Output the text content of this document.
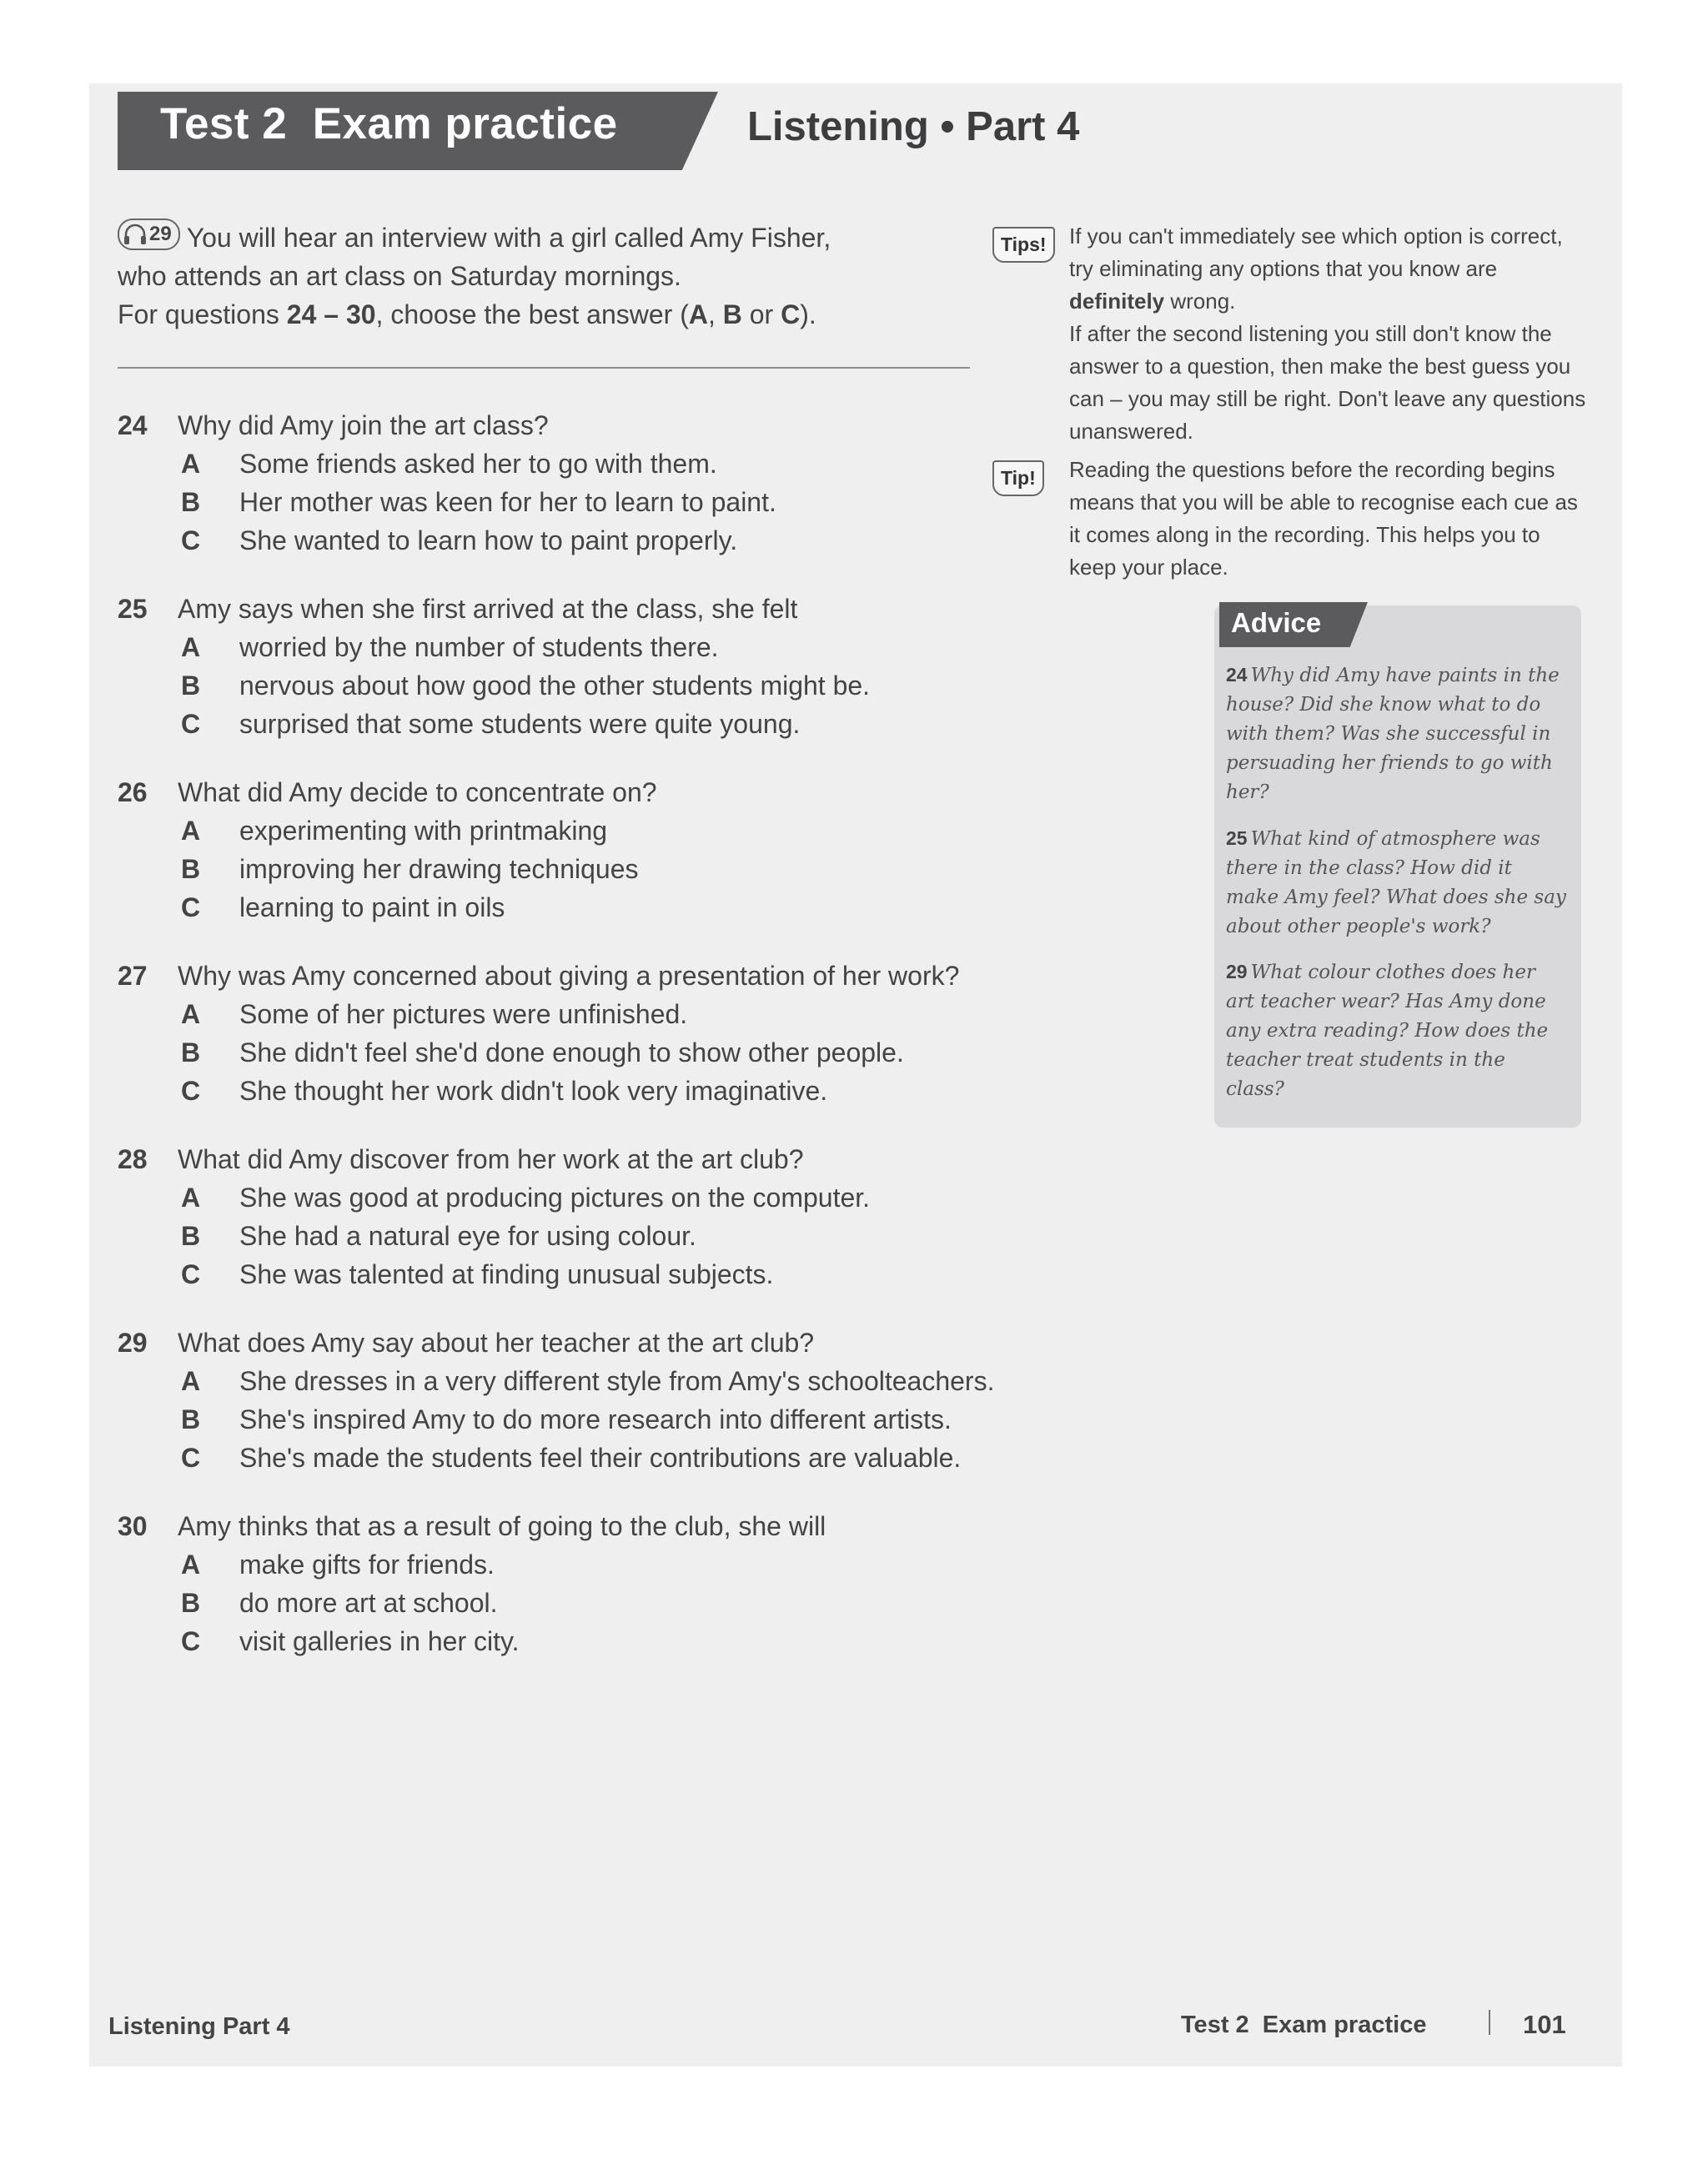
Test 2  Exam practice	Listening • Part 4
29 You will hear an interview with a girl called Amy Fisher,
who attends an art class on Saturday mornings.
For questions 24 – 30, choose the best answer (A, B or C).
24	Why did Amy join the art class?
A Some friends asked her to go with them.
B Her mother was keen for her to learn to paint.
C She wanted to learn how to paint properly.
25	Amy says when she first arrived at the class, she felt
A worried by the number of students there.
B nervous about how good the other students might be.
C surprised that some students were quite young.
26	What did Amy decide to concentrate on?
A experimenting with printmaking
B improving her drawing techniques
C learning to paint in oils
27	Why was Amy concerned about giving a presentation of her work?
A Some of her pictures were unfinished.
B She didn't feel she'd done enough to show other people.
C She thought her work didn't look very imaginative.
28	What did Amy discover from her work at the art club?
A She was good at producing pictures on the computer.
B She had a natural eye for using colour.
C She was talented at finding unusual subjects.
29	What does Amy say about her teacher at the art club?
A She dresses in a very different style from Amy's schoolteachers.
B She's inspired Amy to do more research into different artists.
C She's made the students feel their contributions are valuable.
30	Amy thinks that as a result of going to the club, she will
A make gifts for friends.
B do more art at school.
C visit galleries in her city.
Tips!	If you can't immediately see which option is correct, try eliminating any options that you know are definitely wrong.
If after the second listening you still don't know the answer to a question, then make the best guess you can – you may still be right. Don't leave any questions unanswered.
Tip!	Reading the questions before the recording begins means that you will be able to recognise each cue as it comes along in the recording. This helps you to keep your place.
Advice
24 Why did Amy have paints in the house? Did she know what to do with them? Was she successful in persuading her friends to go with her?
25 What kind of atmosphere was there in the class? How did it make Amy feel? What does she say about other people's work?
29 What colour clothes does her art teacher wear? Has Amy done any extra reading? How does the teacher treat students in the class?
Listening Part 4	Test 2  Exam practice	101
